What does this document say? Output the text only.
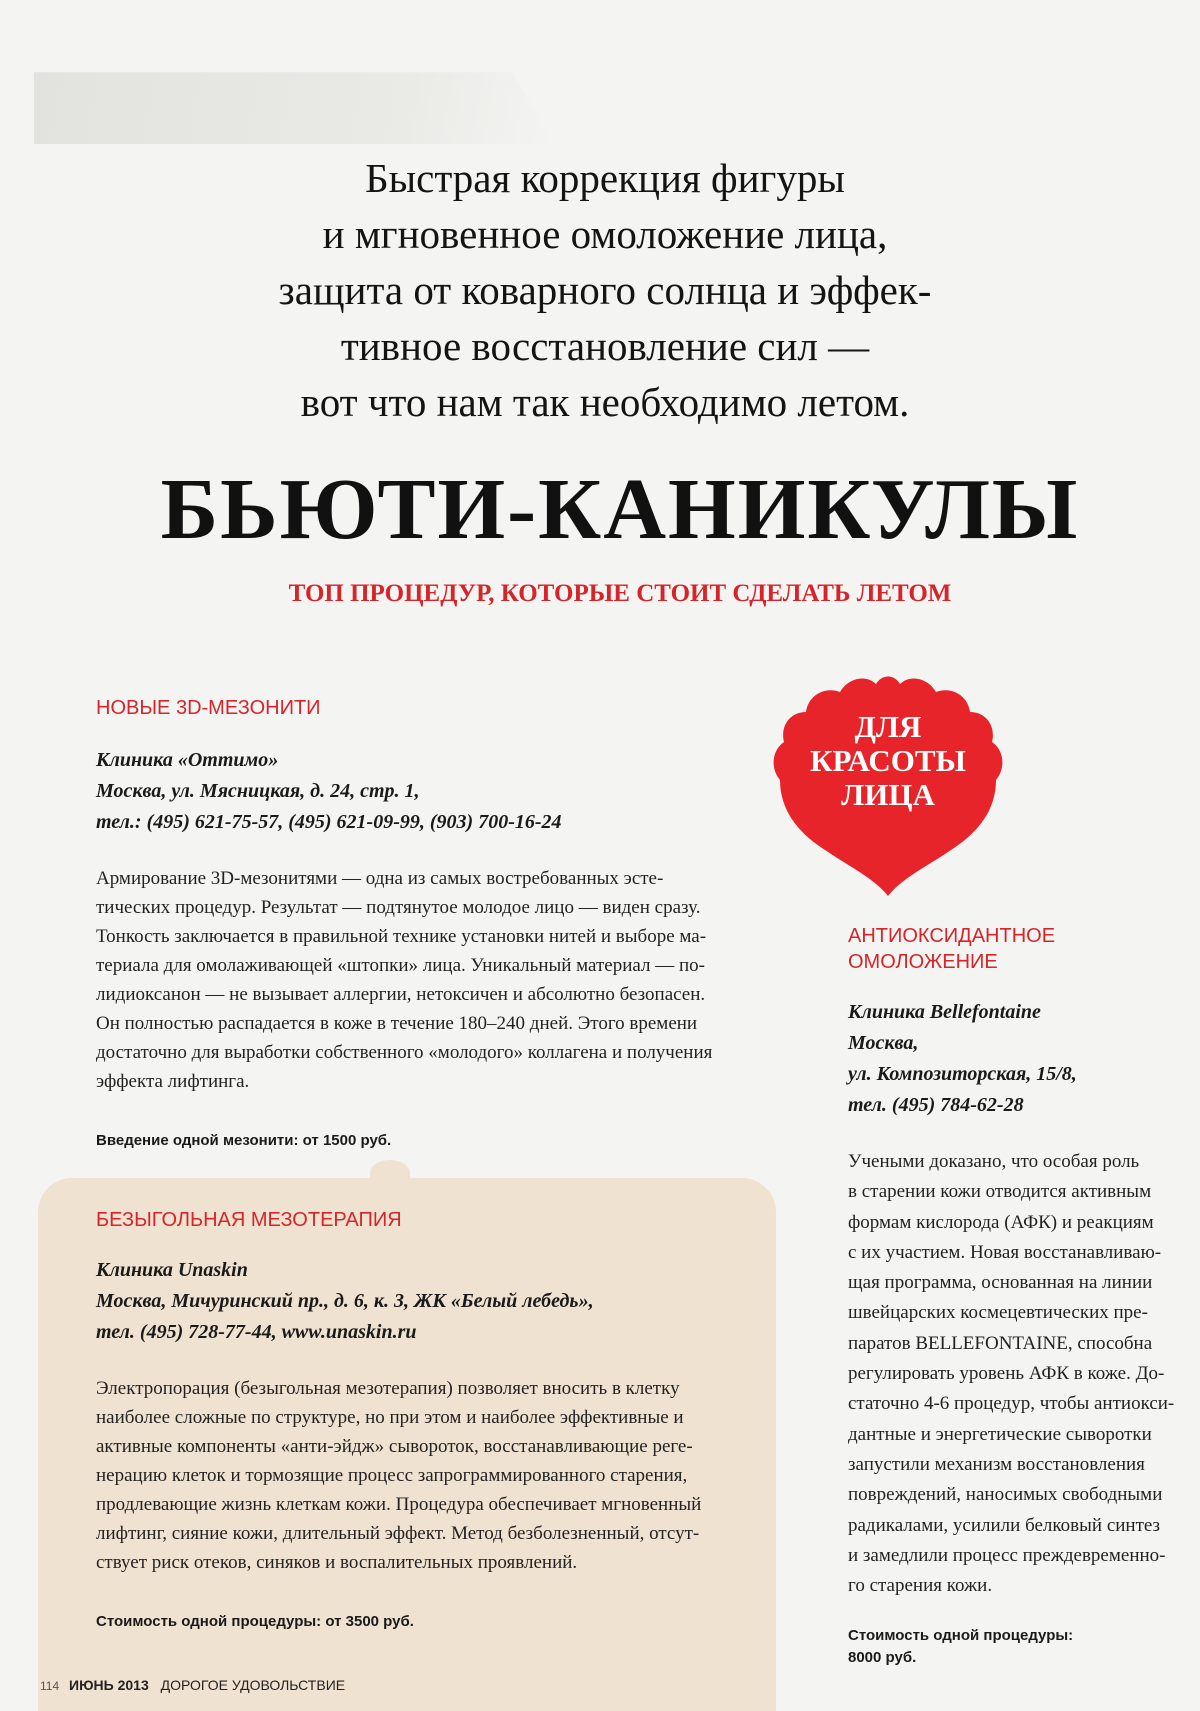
Быстрая коррекция фигуры
и мгновенное омоложение лица,
защита от коварного солнца и эффек-
тивное восстановление сил —
вот что нам так необходимо летом.
БЬЮТИ-КАНИКУЛЫ
ТОП ПРОЦЕДУР, КОТОРЫЕ СТОИТ СДЕЛАТЬ ЛЕТОМ
НОВЫЕ 3D-МЕЗОНИТИ
Клиника «Оттимо»
Москва, ул. Мясницкая, д. 24, стр. 1,
тел.: (495) 621-75-57, (495) 621-09-99, (903) 700-16-24
Армирование 3D-мезонитями — одна из самых востребованных эсте-
тических процедур. Результат — подтянутое молодое лицо — виден сразу.
Тонкость заключается в правильной технике установки нитей и выборе ма-
териала для омолаживающей «штопки» лица. Уникальный материал — по-
лидиоксанон — не вызывает аллергии, нетоксичен и абсолютно безопасен.
Он полностью распадается в коже в течение 180–240 дней. Этого времени
достаточно для выработки собственного «молодого» коллагена и получения
эффекта лифтинга.
Введение одной мезонити: от 1500 руб.
БЕЗЫГОЛЬНАЯ МЕЗОТЕРАПИЯ
Клиника Unaskin
Москва, Мичуринский пр., д. 6, к. 3, ЖК «Белый лебедь»,
тел. (495) 728-77-44, www.unaskin.ru
Электропорация (безыгольная мезотерапия) позволяет вносить в клетку
наиболее сложные по структуре, но при этом и наиболее эффективные и
активные компоненты «анти-эйдж» сывороток, восстанавливающие реге-
нерацию клеток и тормозящие процесс запрограммированного старения,
продлевающие жизнь клеткам кожи. Процедура обеспечивает мгновенный
лифтинг, сияние кожи, длительный эффект. Метод безболезненный, отсут-
ствует риск отеков, синяков и воспалительных проявлений.
Стоимость одной процедуры: от 3500 руб.
ДЛЯ
КРАСОТЫ
ЛИЦА
АНТИОКСИДАНТНОЕ
ОМОЛОЖЕНИЕ
Клиника Bellefontaine
Москва,
ул. Композиторская, 15/8,
тел. (495) 784-62-28
Учеными доказано, что особая роль
в старении кожи отводится активным
формам кислорода (АФК) и реакциям
с их участием. Новая восстанавливаю-
щая программа, основанная на линии
швейцарских космецевтических пре-
паратов BELLEFONTAINE, способна
регулировать уровень АФК в коже. До-
статочно 4-6 процедур, чтобы антиокси-
дантные и энергетические сыворотки
запустили механизм восстановления
повреждений, наносимых свободными
радикалами, усилили белковый синтез
и замедлили процесс преждевременно-
го старения кожи.
Стоимость одной процедуры:
8000 руб.
114 ИЮНЬ 2013 ДОРОГОЕ УДОВОЛЬСТВИЕ
